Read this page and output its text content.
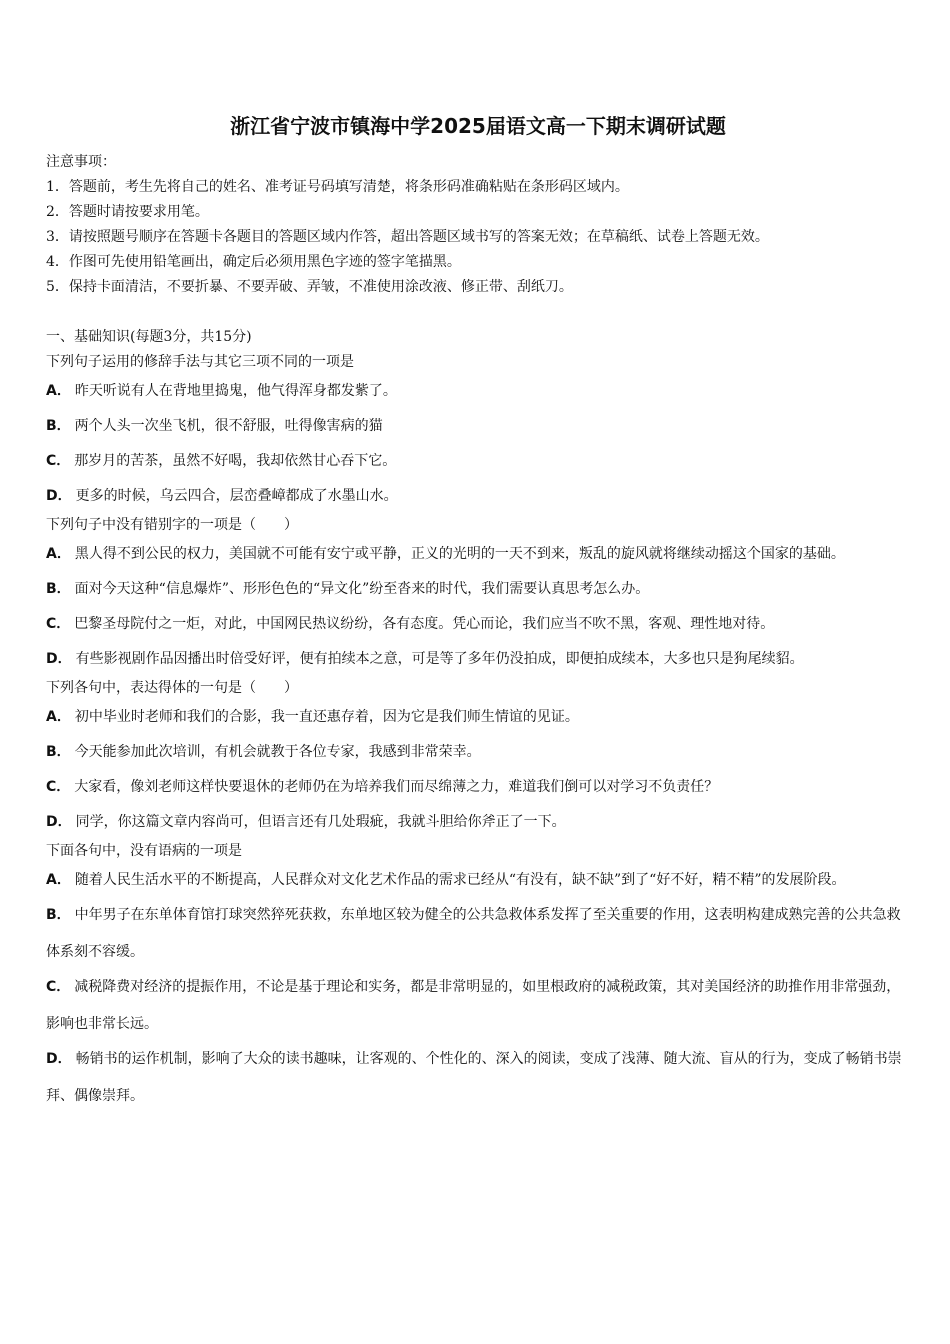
浙江省宁波市镇海中学2025届语文高一下期末调研试题
注意事项：
1．答题前，考生先将自己的姓名、准考证号码填写清楚，将条形码准确粘贴在条形码区域内。
2．答题时请按要求用笔。
3．请按照题号顺序在答题卡各题目的答题区域内作答，超出答题区域书写的答案无效；在草稿纸、试卷上答题无效。
4．作图可先使用铅笔画出，确定后必须用黑色字迹的签字笔描黑。
5．保持卡面清洁，不要折暴、不要弄破、弄皱，不准使用涂改液、修正带、刮纸刀。
一、基础知识(每题3分，共15分)
下列句子运用的修辞手法与其它三项不同的一项是
A． 昨天听说有人在背地里捣鬼，他气得浑身都发紫了。
B． 两个人头一次坐飞机，很不舒服，吐得像害病的猫
C． 那岁月的苦茶，虽然不好喝，我却依然甘心吞下它。
D． 更多的时候，乌云四合，层峦叠嶂都成了水墨山水。
下列句子中没有错别字的一项是（　　）
A． 黑人得不到公民的权力，美国就不可能有安宁或平静，正义的光明的一天不到来，叛乱的旋风就将继续动摇这个国家的基础。
B． 面对今天这种“信息爆炸”、形形色色的“异文化”纷至沓来的时代，我们需要认真思考怎么办。
C． 巴黎圣母院付之一炬，对此，中国网民热议纷纷，各有态度。凭心而论，我们应当不吹不黑，客观、理性地对待。
D． 有些影视剧作品因播出时倍受好评，便有拍续本之意，可是等了多年仍没拍成，即便拍成续本，大多也只是狗尾续貂。
下列各句中，表达得体的一句是（　　）
A． 初中毕业时老师和我们的合影，我一直还惠存着，因为它是我们师生情谊的见证。
B． 今天能参加此次培训，有机会就教于各位专家，我感到非常荣幸。
C． 大家看，像刘老师这样快要退休的老师仍在为培养我们而尽绵薄之力，难道我们倒可以对学习不负责任？
D． 同学，你这篇文章内容尚可，但语言还有几处瑕疵，我就斗胆给你斧正了一下。
下面各句中，没有语病的一项是
A． 随着人民生活水平的不断提高，人民群众对文化艺术作品的需求已经从“有没有，缺不缺”到了“好不好，精不精”的发展阶段。
B． 中年男子在东单体育馆打球突然猝死获救，东单地区较为健全的公共急救体系发挥了至关重要的作用，这表明构建成熟完善的公共急救体系刻不容缓。
C． 减税降费对经济的提振作用，不论是基于理论和实务，都是非常明显的，如里根政府的减税政策，其对美国经济的助推作用非常强劲，影响也非常长远。
D． 畅销书的运作机制，影响了大众的读书趣味，让客观的、个性化的、深入的阅读，变成了浅薄、随大流、盲从的行为，变成了畅销书崇拜、偶像崇拜。
